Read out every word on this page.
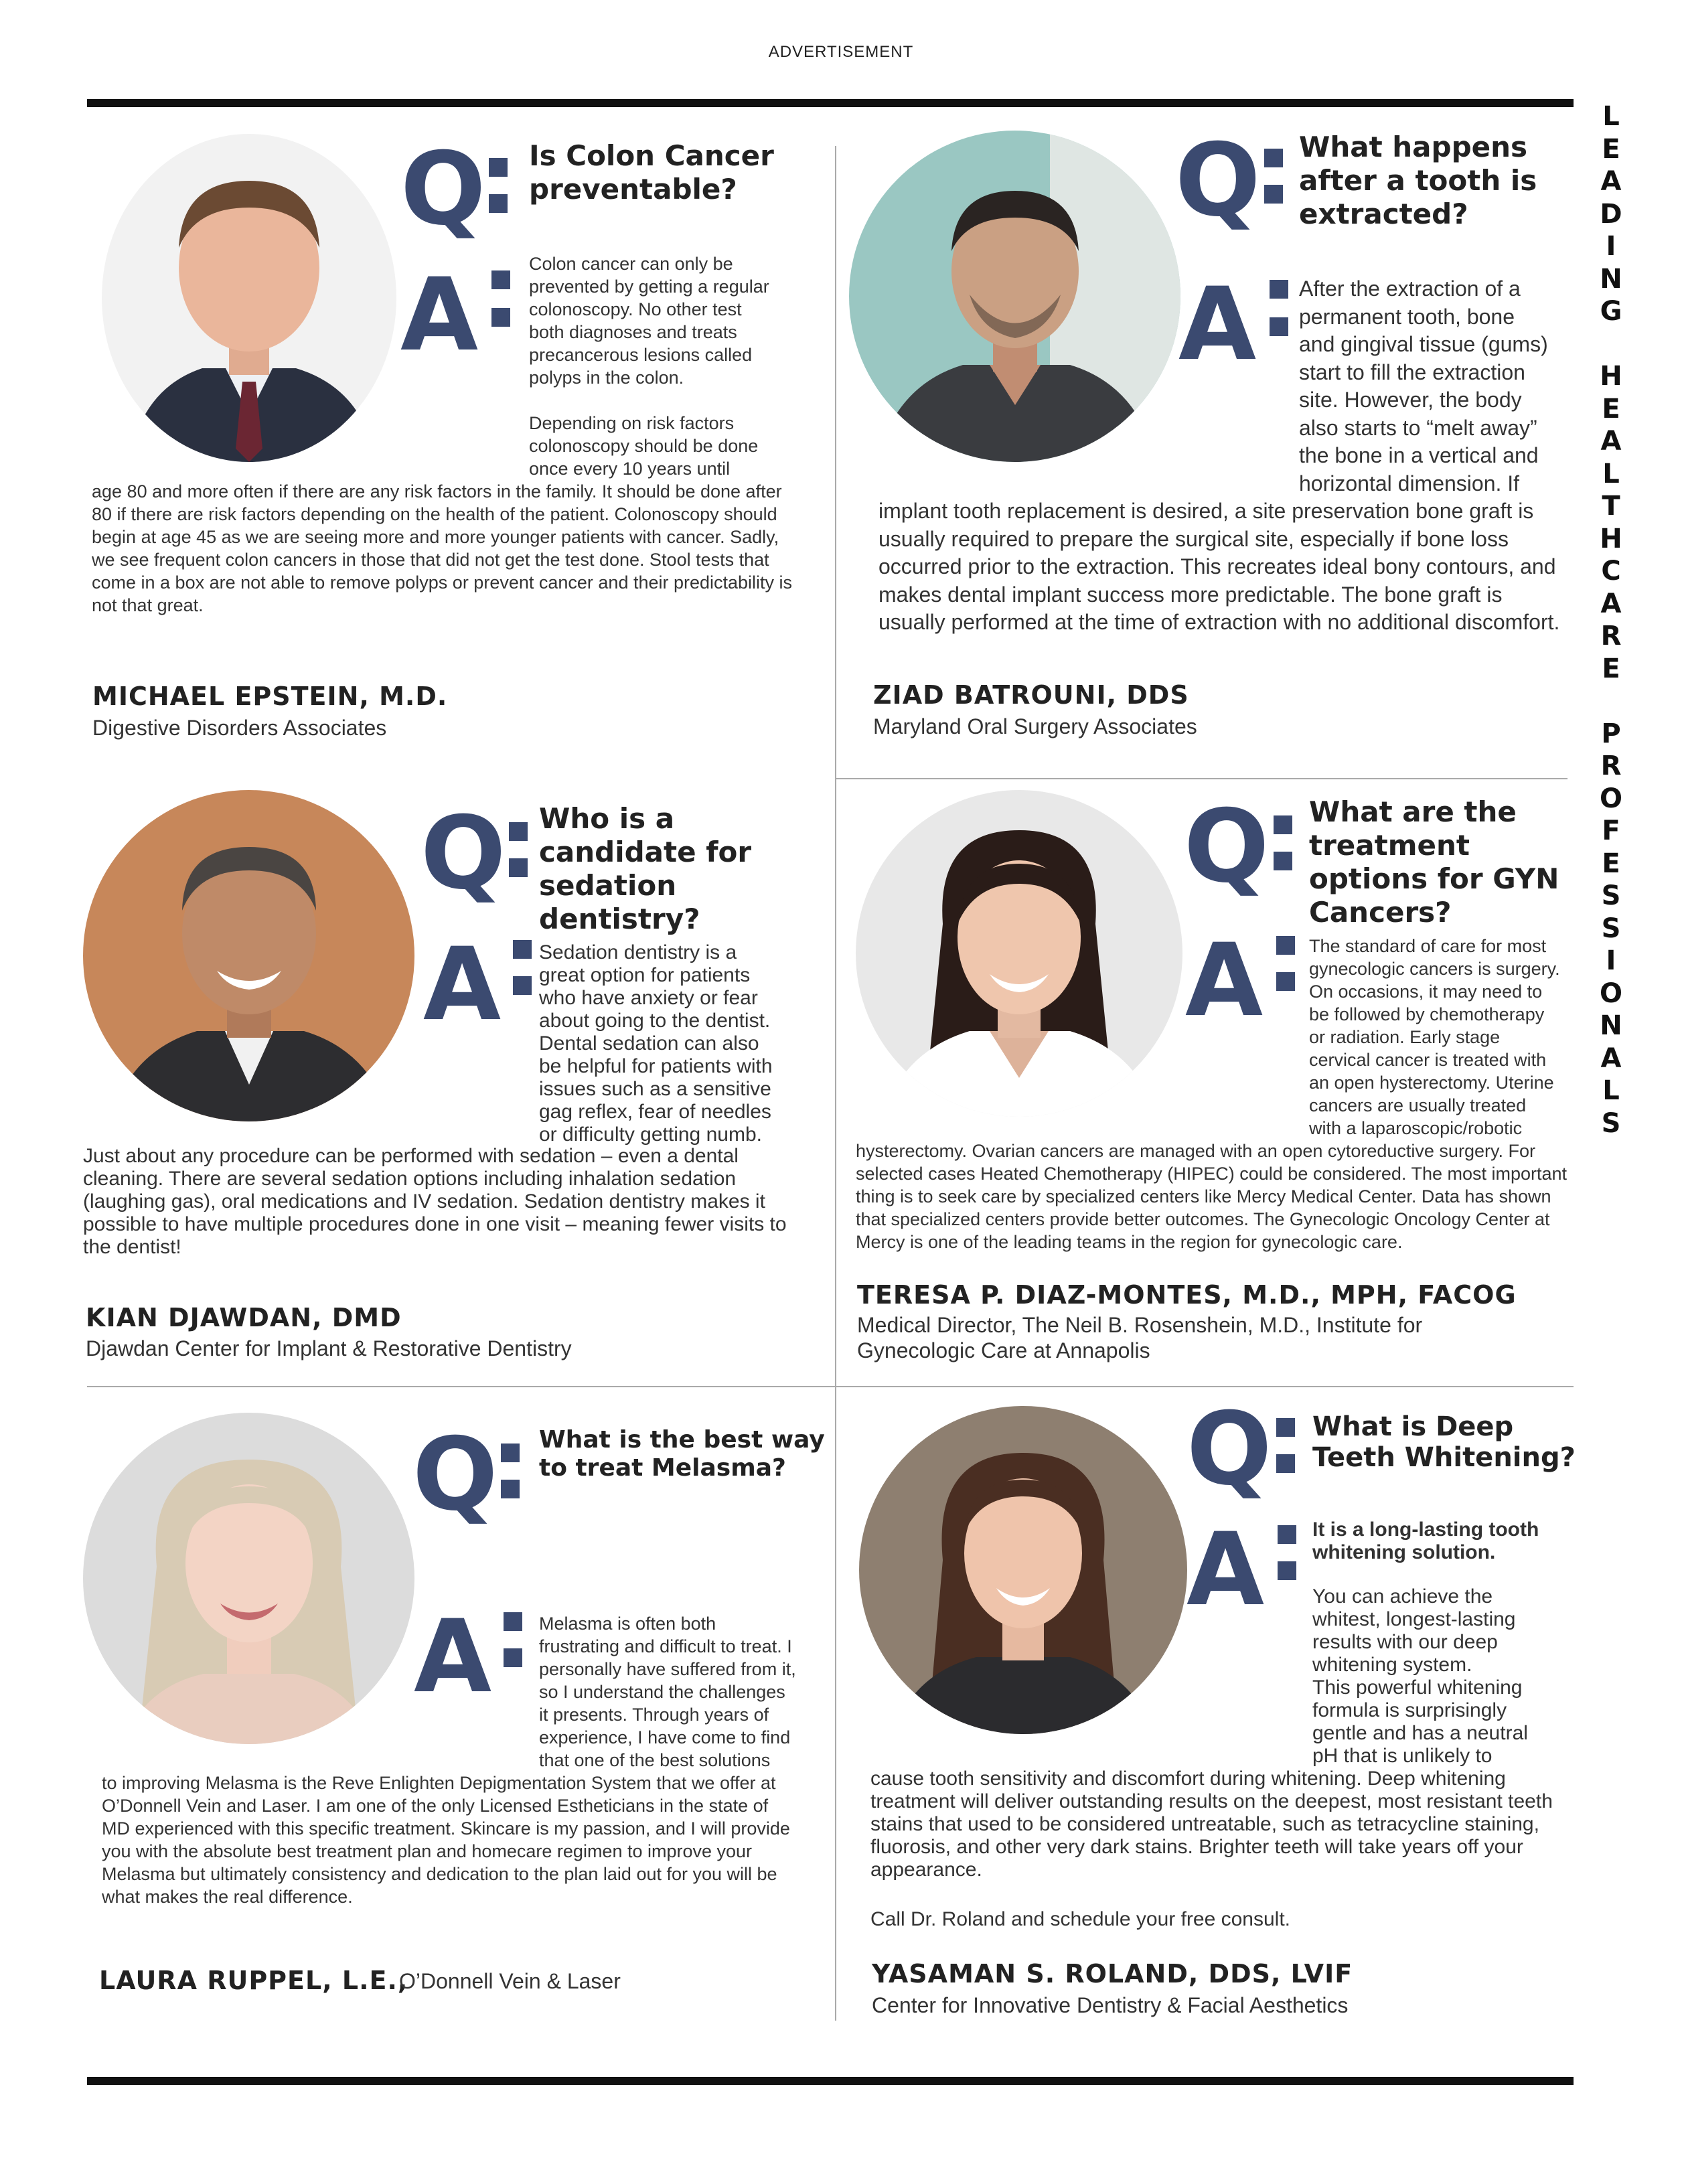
ADVERTISEMENT
L
E
A
D
I
N
G

H
E
A
L
T
H
C
A
R
E

P
R
O
F
E
S
S
I
O
N
A
L
S
Q Is Colon Cancer preventable?
A	Colon cancer can only be

prevented by getting a regular

colonoscopy. No other test

both diagnoses and treats

precancerous lesions called

polyps in the colon.

Depending on risk factors

colonoscopy should be done

once every 10 years until

age 80 and more often if there are any risk factors in the family. It should be done after 80 if there are risk factors depending on the health of the patient. Colonoscopy should begin at age 45 as we are seeing more and more younger patients with cancer. Sadly, we see frequent colon cancers in those that did not get the test done. Stool tests that come in a box are not able to remove polyps or prevent cancer and their predictability is not that great.
MICHAEL EPSTEIN, M.D.
Digestive Disorders Associates
Q What happens after a tooth is extracted?
A After the extraction of a

permanent tooth, bone

and gingival tissue (gums)

start to fill the extraction

site. However, the body

also starts to “melt away”

the bone in a vertical and

horizontal dimension. If

implant tooth replacement is desired, a site preservation bone graft is usually required to prepare the surgical site, especially if bone loss occurred prior to the extraction. This recreates ideal bony contours, and makes dental implant success more predictable. The bone graft is usually performed at the time of extraction with no additional discomfort.
ZIAD BATROUNI, DDS
Maryland Oral Surgery Associates
Q Who is a candidate for sedation dentistry?
A Sedation dentistry is a

great option for patients

who have anxiety or fear

about going to the dentist.

Dental sedation can also

be helpful for patients with

issues such as a sensitive

gag reflex, fear of needles

or difficulty getting numb.

Just about any procedure can be performed with sedation – even a dental cleaning. There are several sedation options including inhalation sedation (laughing gas), oral medications and IV sedation. Sedation dentistry makes it possible to have multiple procedures done in one visit – meaning fewer visits to the dentist!
KIAN DJAWDAN, DMD
Djawdan Center for Implant & Restorative Dentistry
Q What are the treatment options for GYN Cancers?
A	The standard of care for most

gynecologic cancers is surgery.

On occasions, it may need to

be followed by chemotherapy

or radiation. Early stage

cervical cancer is treated with

an open hysterectomy. Uterine

cancers are usually treated

with a laparoscopic/robotic

hysterectomy. Ovarian cancers are managed with an open cytoreductive surgery. For selected cases Heated Chemotherapy (HIPEC) could be considered. The most important thing is to seek care by specialized centers like Mercy Medical Center. Data has shown that specialized centers provide better outcomes. The Gynecologic Oncology Center at Mercy is one of the leading teams in the region for gynecologic care.
TERESA P. DIAZ-MONTES, M.D., MPH, FACOG
Medical Director, The Neil B. Rosenshein, M.D., Institute for Gynecologic Care at Annapolis
Q What is the best way to treat Melasma?
A	Melasma is often both

frustrating and difficult to treat. I

personally have suffered from it,

so I understand the challenges

it presents. Through years of

experience, I have come to find

that one of the best solutions

to improving Melasma is the Reve Enlighten Depigmentation System that we offer at O’Donnell Vein and Laser. I am one of the only Licensed Estheticians in the state of MD experienced with this specific treatment. Skincare is my passion, and I will provide you with the absolute best treatment plan and homecare regimen to improve your Melasma but ultimately consistency and dedication to the plan laid out for you will be what makes the real difference.
LAURA RUPPEL, L.E.,
O’Donnell Vein & Laser
Q What is Deep Teeth Whitening?
A	It is a long-lasting tooth whitening solution.

You can achieve the

whitest, longest-lasting

results with our deep

whitening system.

This powerful whitening

formula is surprisingly

gentle and has a neutral

pH that is unlikely to

cause tooth sensitivity and discomfort during whitening. Deep whitening treatment will deliver outstanding results on the deepest, most resistant teeth stains that used to be considered untreatable, such as tetracycline staining, fluorosis, and other very dark stains. Brighter teeth will take years off your appearance.
Call Dr. Roland and schedule your free consult.
YASAMAN S. ROLAND, DDS, LVIF
Center for Innovative Dentistry & Facial Aesthetics
